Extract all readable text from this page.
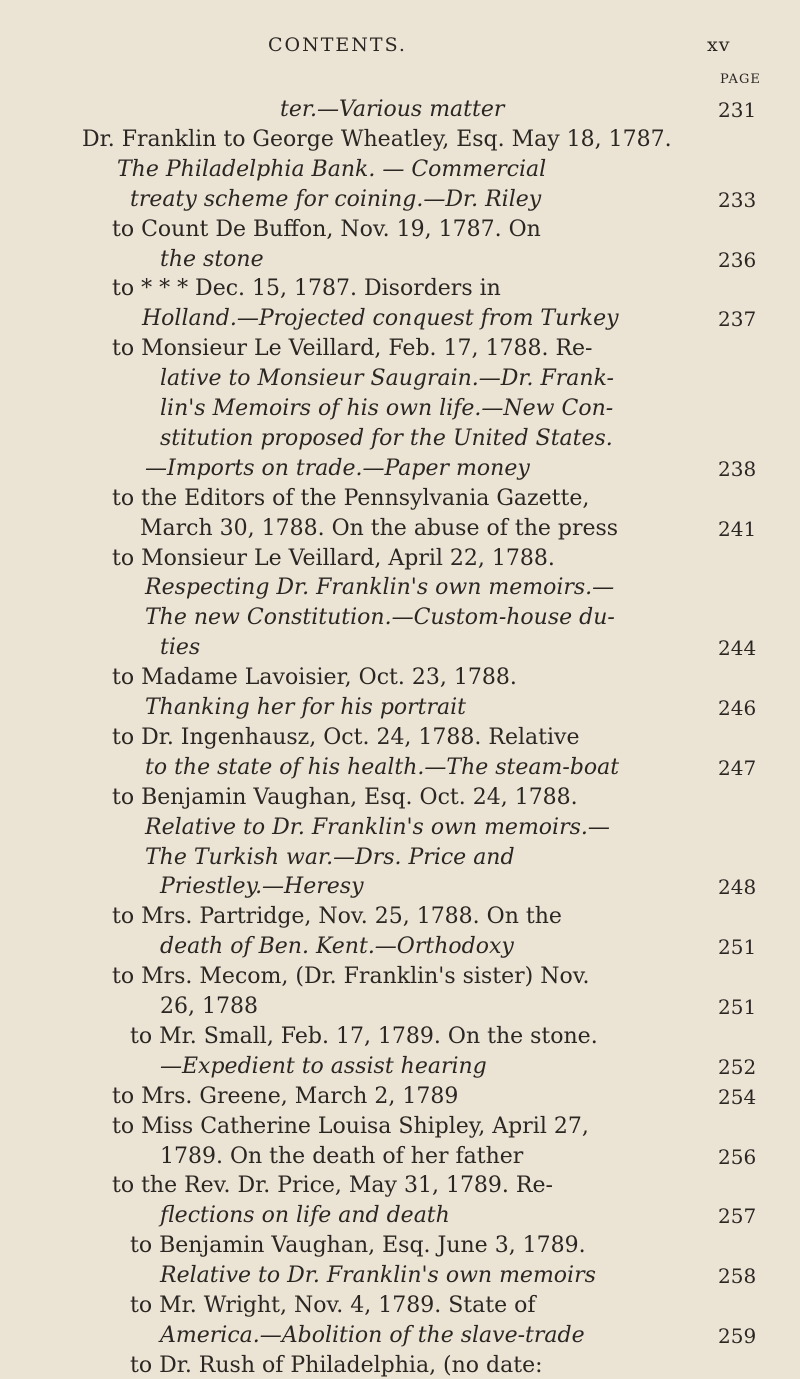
CONTENTS.	xv
PAGE
ter.—Various matter	231
Dr. Franklin to George Wheatley, Esq. May 18, 1787.
The Philadelphia Bank. — Commercial
treaty scheme for coining.—Dr. Riley	233
to Count De Buffon, Nov. 19, 1787. On
the stone	236
to * * * Dec. 15, 1787. Disorders in
Holland.—Projected conquest from Turkey	237
to Monsieur Le Veillard, Feb. 17, 1788. Re-
lative to Monsieur Saugrain.—Dr. Frank-
lin's Memoirs of his own life.—New Con-
stitution proposed for the United States.
—Imports on trade.—Paper money	238
to the Editors of the Pennsylvania Gazette,
March 30, 1788. On the abuse of the press	241
to Monsieur Le Veillard, April 22, 1788.
Respecting Dr. Franklin's own memoirs.—
The new Constitution.—Custom-house du-
ties	244
to Madame Lavoisier, Oct. 23, 1788.
Thanking her for his portrait	246
to Dr. Ingenhausz, Oct. 24, 1788. Relative
to the state of his health.—The steam-boat	247
to Benjamin Vaughan, Esq. Oct. 24, 1788.
Relative to Dr. Franklin's own memoirs.—
The Turkish war.—Drs. Price and
Priestley.—Heresy	248
to Mrs. Partridge, Nov. 25, 1788. On the
death of Ben. Kent.—Orthodoxy	251
to Mrs. Mecom, (Dr. Franklin's sister) Nov.
26, 1788	251
to Mr. Small, Feb. 17, 1789. On the stone.
—Expedient to assist hearing	252
to Mrs. Greene, March 2, 1789	254
to Miss Catherine Louisa Shipley, April 27,
1789. On the death of her father	256
to the Rev. Dr. Price, May 31, 1789. Re-
flections on life and death	257
to Benjamin Vaughan, Esq. June 3, 1789.
Relative to Dr. Franklin's own memoirs	258
to Mr. Wright, Nov. 4, 1789. State of
America.—Abolition of the slave-trade	259
to Dr. Rush of Philadelphia, (no date:
